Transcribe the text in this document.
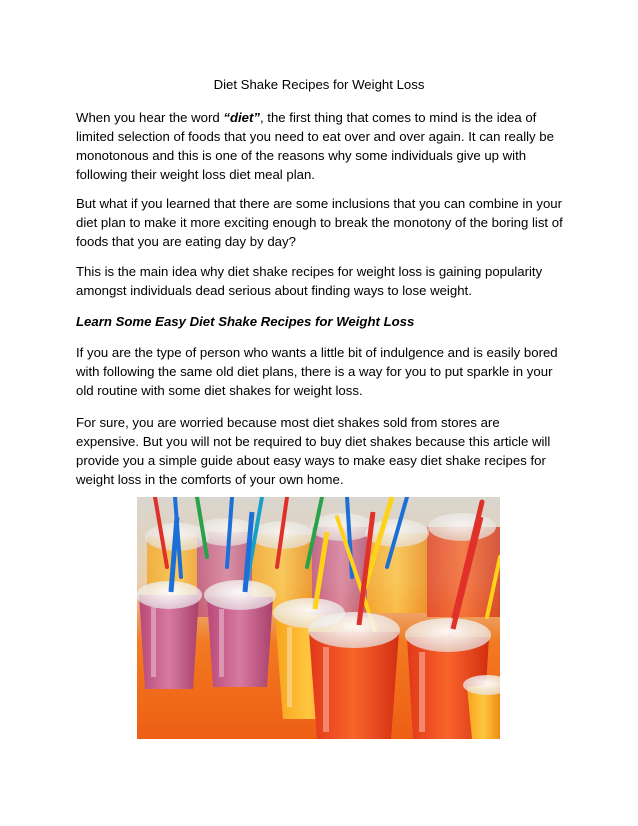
Diet Shake Recipes for Weight Loss

When you hear the word “diet”, the first thing that comes to mind is the idea of limited selection of foods that you need to eat over and over again. It can really be monotonous and this is one of the reasons why some individuals give up with following their weight loss diet meal plan.

But what if you learned that there are some inclusions that you can combine in your diet plan to make it more exciting enough to break the monotony of the boring list of foods that you are eating day by day?

This is the main idea why diet shake recipes for weight loss is gaining popularity amongst individuals dead serious about finding ways to lose weight.

Learn Some Easy Diet Shake Recipes for Weight Loss

If you are the type of person who wants a little bit of indulgence and is easily bored with following the same old diet plans, there is a way for you to put sparkle in your old routine with some diet shakes for weight loss.

For sure, you are worried because most diet shakes sold from stores are expensive. But you will not be required to buy diet shakes because this article will provide you a simple guide about easy ways to make easy diet shake recipes for weight loss in the comforts of your own home.
